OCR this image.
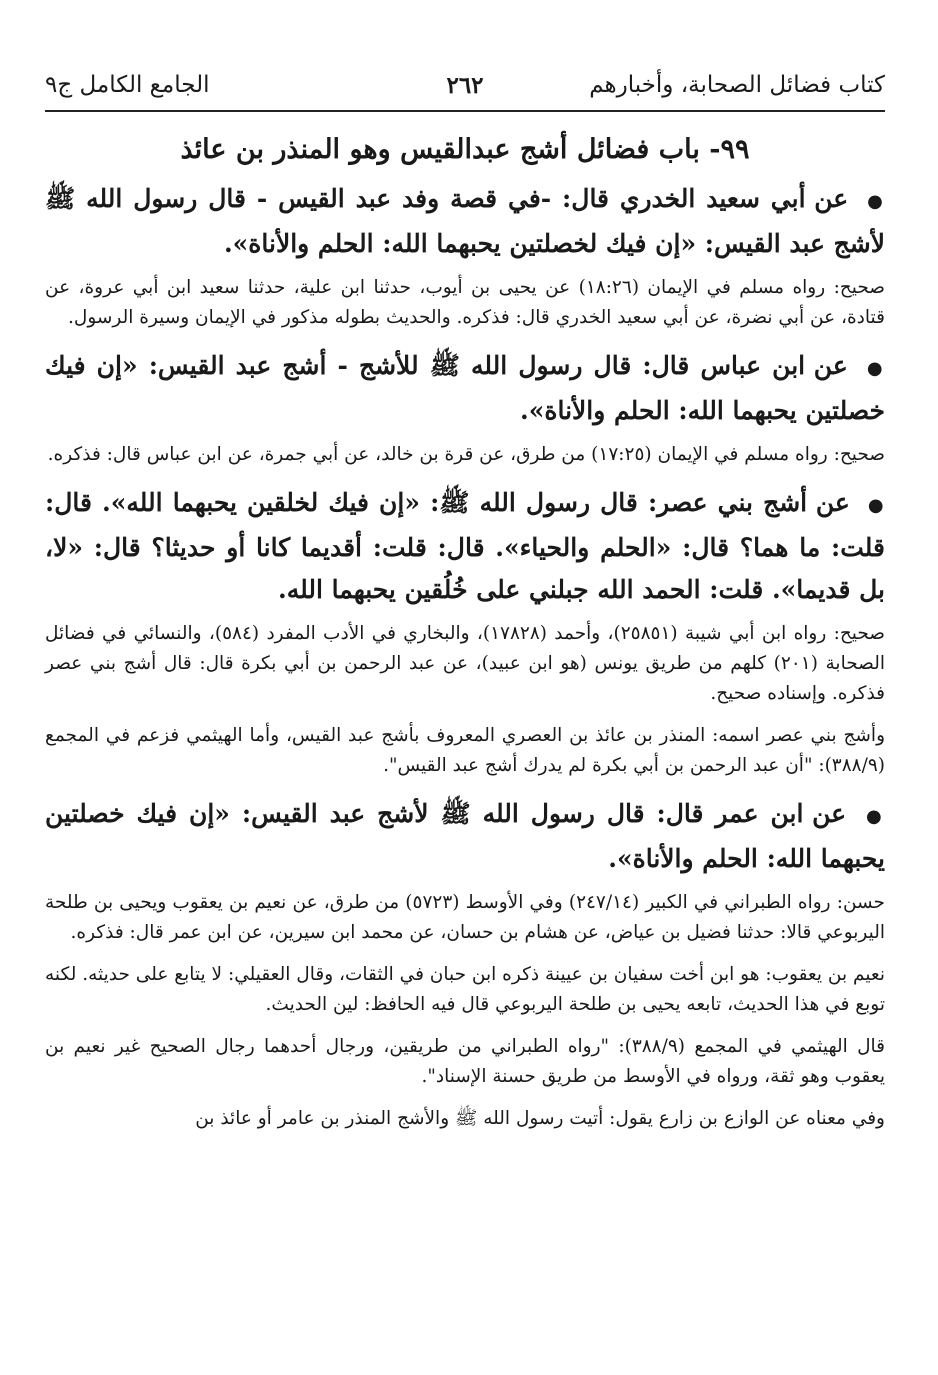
كتاب فضائل الصحابة، وأخبارهم
٢٦٢
الجامع الكامل ج٩
٩٩- باب فضائل أشج عبدالقيس وهو المنذر بن عائذ

● عن أبي سعيد الخدري قال: -في قصة وفد عبد القيس - قال رسول الله ﷺ لأشج عبد القيس: «إن فيك لخصلتين يحبهما الله: الحلم والأناة».

صحيح: رواه مسلم في الإيمان (١٨:٢٦) عن يحيى بن أيوب، حدثنا ابن علية، حدثنا سعيد ابن أبي عروة، عن قتادة، عن أبي نضرة، عن أبي سعيد الخدري قال: فذكره. والحديث بطوله مذكور في الإيمان وسيرة الرسول.

● عن ابن عباس قال: قال رسول الله ﷺ للأشج - أشج عبد القيس: «إن فيك خصلتين يحبهما الله: الحلم والأناة».

صحيح: رواه مسلم في الإيمان (١٧:٢٥) من طرق، عن قرة بن خالد، عن أبي جمرة، عن ابن عباس قال: فذكره.

● عن أشج بني عصر: قال رسول الله ﷺ: «إن فيك لخلقين يحبهما الله». قال: قلت: ما هما؟ قال: «الحلم والحياء». قال: قلت: أقديما كانا أو حديثا؟ قال: «لا، بل قديما». قلت: الحمد الله جبلني على خُلُقين يحبهما الله.

صحيح: رواه ابن أبي شيبة (٢٥٨٥١)، وأحمد (١٧٨٢٨)، والبخاري في الأدب المفرد (٥٨٤)، والنسائي في فضائل الصحابة (٢٠١) كلهم من طريق يونس (هو ابن عبيد)، عن عبد الرحمن بن أبي بكرة قال: قال أشج بني عصر فذكره. وإسناده صحيح.

وأشج بني عصر اسمه: المنذر بن عائذ بن العصري المعروف بأشج عبد القيس، وأما الهيثمي فزعم في المجمع (٣٨٨/٩): "أن عبد الرحمن بن أبي بكرة لم يدرك أشج عبد القيس".

● عن ابن عمر قال: قال رسول الله ﷺ لأشج عبد القيس: «إن فيك خصلتين يحبهما الله: الحلم والأناة».

حسن: رواه الطبراني في الكبير (٢٤٧/١٤) وفي الأوسط (٥٧٢٣) من طرق، عن نعيم بن يعقوب ويحيى بن طلحة اليربوعي قالا: حدثنا فضيل بن عياض، عن هشام بن حسان، عن محمد ابن سيرين، عن ابن عمر قال: فذكره.

نعيم بن يعقوب: هو ابن أخت سفيان بن عيينة ذكره ابن حبان في الثقات، وقال العقيلي: لا يتابع على حديثه. لكنه توبع في هذا الحديث، تابعه يحيى بن طلحة اليربوعي قال فيه الحافظ: لين الحديث.

قال الهيثمي في المجمع (٣٨٨/٩): "رواه الطبراني من طريقين، ورجال أحدهما رجال الصحيح غير نعيم بن يعقوب وهو ثقة، ورواه في الأوسط من طريق حسنة الإسناد".

وفي معناه عن الوازع بن زارع يقول: أتيت رسول الله ﷺ والأشج المنذر بن عامر أو عائذ بن
